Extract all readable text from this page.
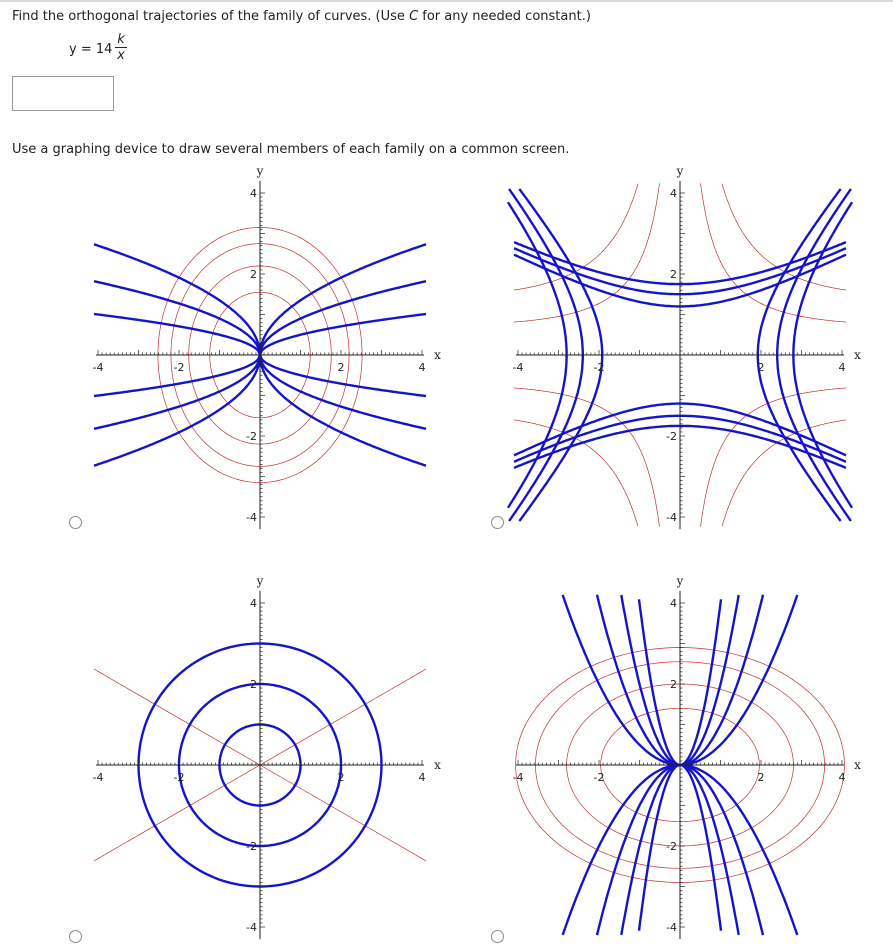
Find the orthogonal trajectories of the family of curves. (Use C for any needed constant.)
y = 14
k
x
Use a graphing device to draw several members of each family on a common screen.
-4	-2	2	4
4
2
-2
-4
x
y
-4	-2	2	4
4
2
-2
-4
x
y
-4	-2	2	4
4
2
-2
-4
x
y
-4	-2	2	4
4
2
-2
-4
x
y
